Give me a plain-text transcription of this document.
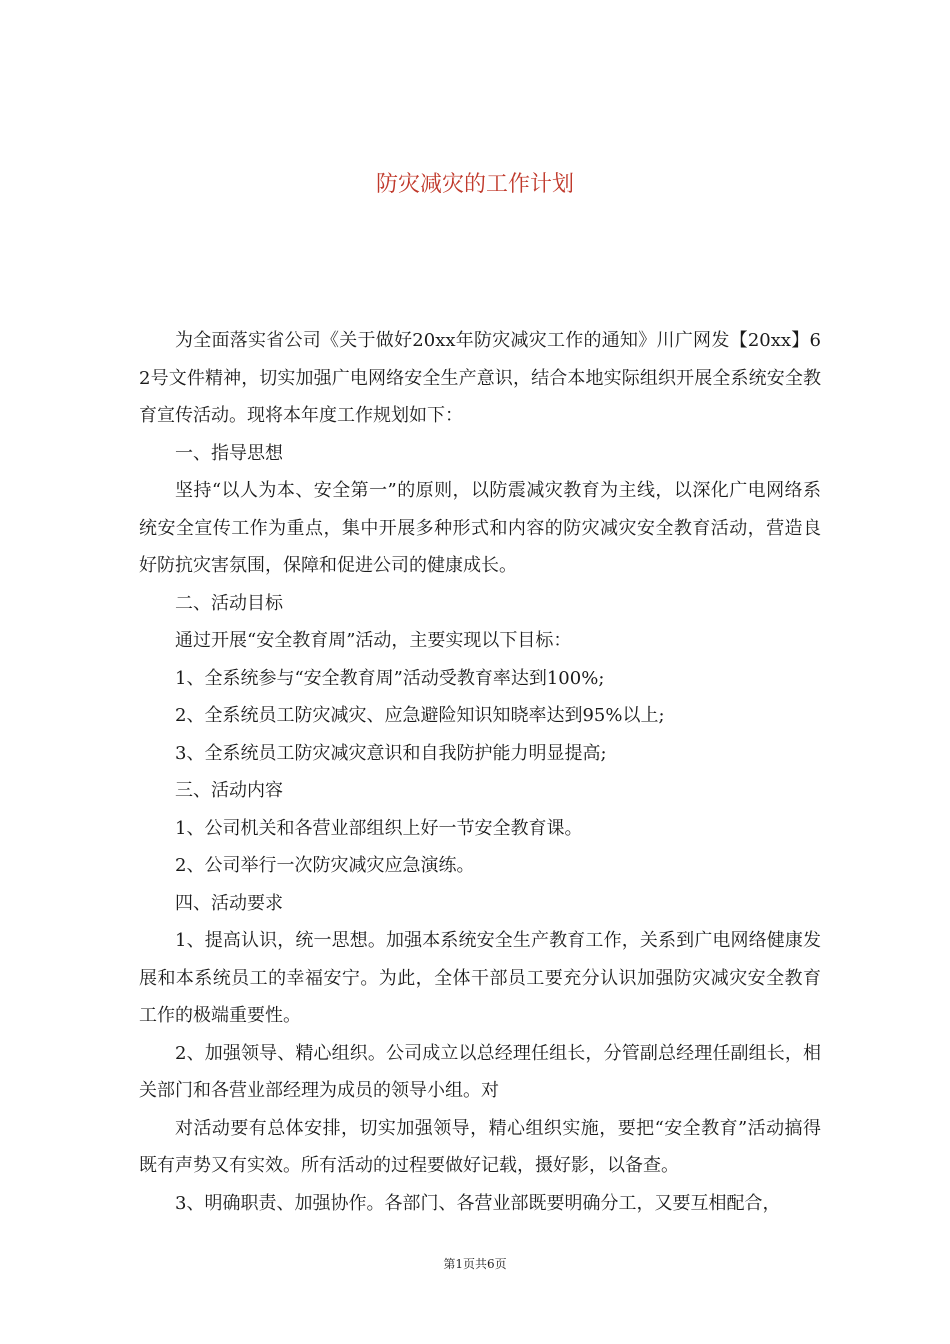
防灾减灾的工作计划

为全面落实省公司《关于做好20xx年防灾减灾工作的通知》川广网发【20xx】62号文件精神，切实加强广电网络安全生产意识，结合本地实际组织开展全系统安全教育宣传活动。现将本年度工作规划如下：

一、指导思想

坚持“以人为本、安全第一”的原则，以防震减灾教育为主线，以深化广电网络系统安全宣传工作为重点，集中开展多种形式和内容的防灾减灾安全教育活动，营造良好防抗灾害氛围，保障和促进公司的健康成长。

二、活动目标

通过开展“安全教育周”活动，主要实现以下目标：

1、全系统参与“安全教育周”活动受教育率达到100%;

2、全系统员工防灾减灾、应急避险知识知晓率达到95%以上;

3、全系统员工防灾减灾意识和自我防护能力明显提高;

三、活动内容

1、公司机关和各营业部组织上好一节安全教育课。

2、公司举行一次防灾减灾应急演练。

四、活动要求

1、提高认识，统一思想。加强本系统安全生产教育工作，关系到广电网络健康发展和本系统员工的幸福安宁。为此，全体干部员工要充分认识加强防灾减灾安全教育工作的极端重要性。

2、加强领导、精心组织。公司成立以总经理任组长，分管副总经理任副组长，相关部门和各营业部经理为成员的领导小组。对

对活动要有总体安排，切实加强领导，精心组织实施，要把“安全教育”活动搞得既有声势又有实效。所有活动的过程要做好记载，摄好影，以备查。

3、明确职责、加强协作。各部门、各营业部既要明确分工，又要互相配合，

第1页共6页
